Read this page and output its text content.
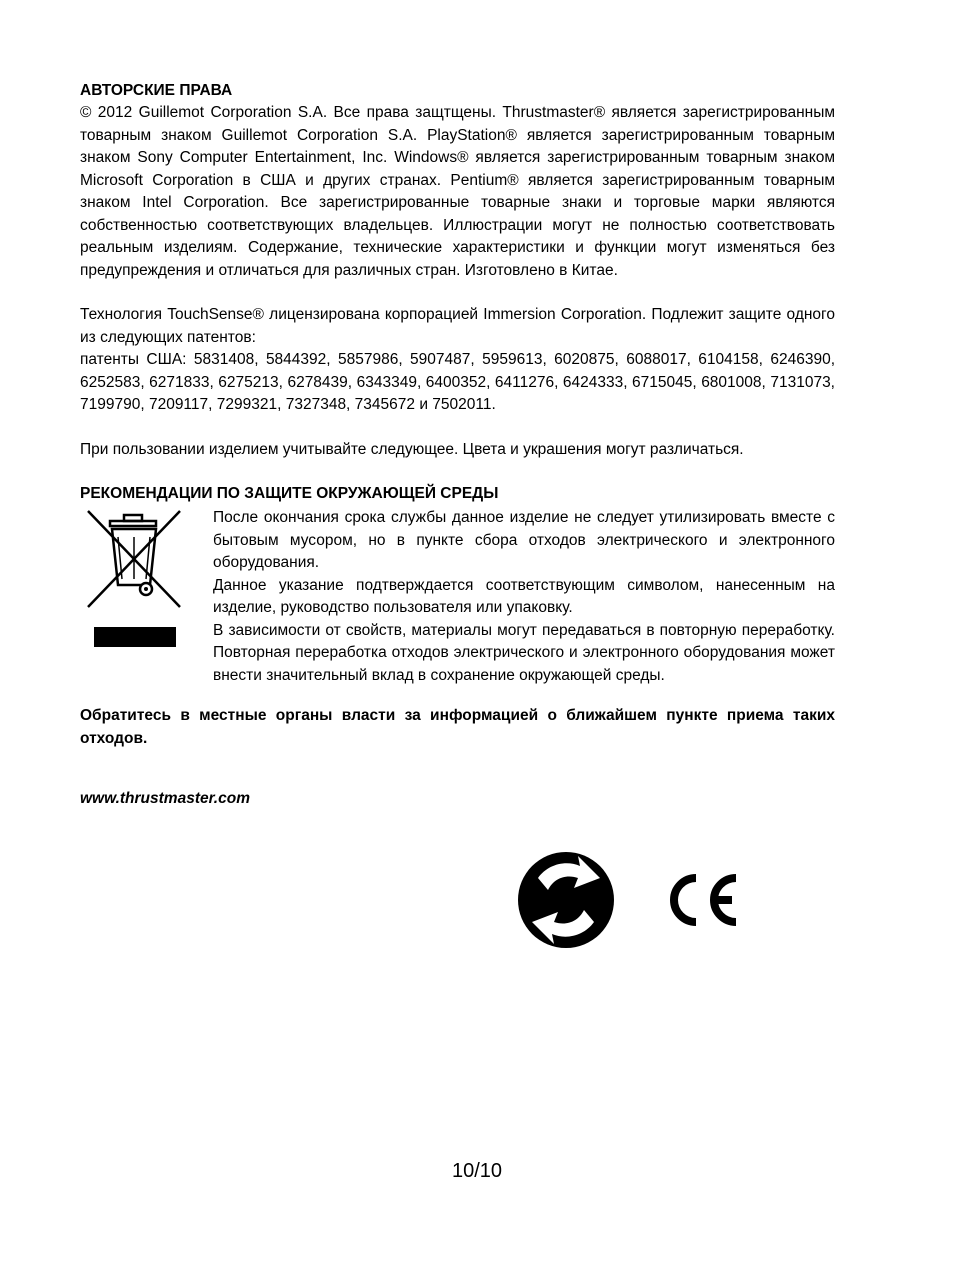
АВТОРСКИЕ ПРАВА

© 2012 Guillemot Corporation S.A. Все права защтщены. Thrustmaster® является зарегистрированным товарным знаком Guillemot Corporation S.A. PlayStation® является зарегистрированным товарным знаком Sony Computer Entertainment, Inc. Windows® является зарегистрированным товарным знаком Microsoft Corporation в США и других странах. Pentium® является зарегистрированным товарным знаком Intel Corporation. Все зарегистрированные товарные знаки и торговые марки являются собственностью соответствующих владельцев. Иллюстрации могут не полностью соответствовать реальным изделиям. Содержание, технические характеристики и функции могут изменяться без предупреждения и отличаться для различных стран. Изготовлено в Китае.

Технология TouchSense® лицензирована корпорацией Immersion Corporation. Подлежит защите одного из следующих патентов:

патенты США: 5831408, 5844392, 5857986, 5907487, 5959613, 6020875, 6088017, 6104158, 6246390, 6252583, 6271833, 6275213, 6278439, 6343349, 6400352, 6411276, 6424333, 6715045, 6801008, 7131073, 7199790, 7209117, 7299321, 7327348, 7345672 и 7502011.

При пользовании изделием учитывайте следующее. Цвета и украшения могут различаться.

РЕКОМЕНДАЦИИ ПО ЗАЩИТЕ ОКРУЖАЮЩЕЙ СРЕДЫ

После окончания срока службы данное изделие не следует утилизировать вместе с бытовым мусором, но в пункте сбора отходов электрического и электронного оборудования.

Данное указание подтверждается соответствующим символом, нанесенным на изделие, руководство пользователя или упаковку.

В зависимости от свойств, материалы могут передаваться в повторную переработку. Повторная переработка отходов электрического и электронного оборудования может внести значительный вклад в сохранение окружающей среды.

Обратитесь в местные органы власти за информацией о ближайшем пункте приема таких отходов.

www.thrustmaster.com
10/10
